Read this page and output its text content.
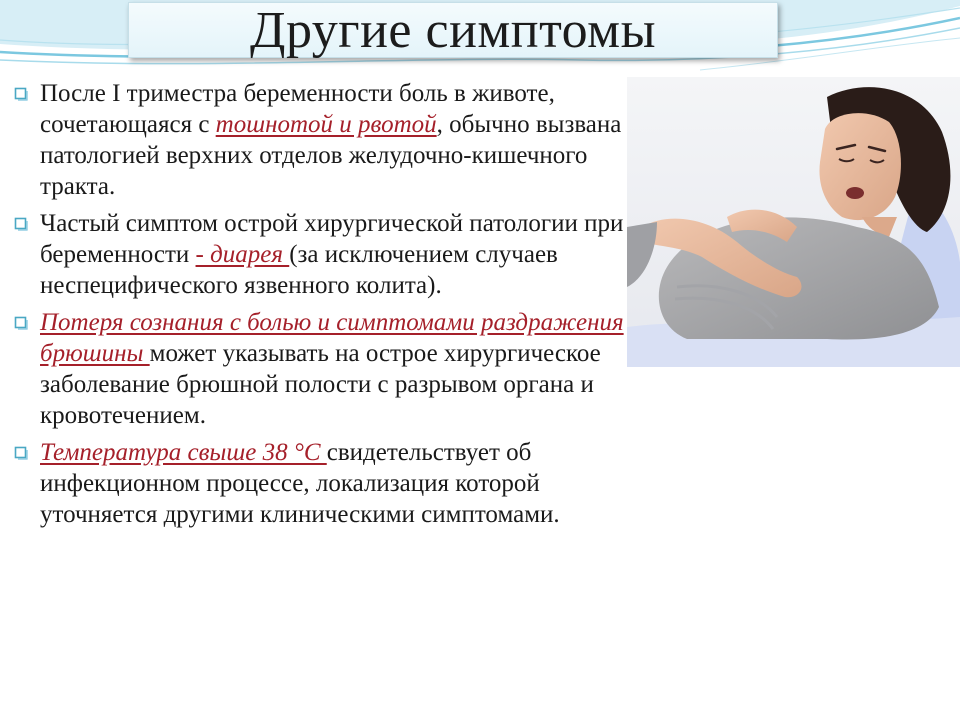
Другие симптомы
После I триместра беременности боль в животе, сочетающаяся с тошнотой и рвотой, обычно вызвана патологией верхних отделов желудочно-кишечного тракта.
Частый симптом острой хирургической патологии при беременности - диарея (за исключением случаев неспецифического язвенного колита).
Потеря сознания с болью и симптомами раздражения брюшины может указывать на острое хирургическое заболевание брюшной полости с разрывом органа и кровотечением.
Температура свыше 38 °С свидетельствует об инфекционном процессе, локализация которой уточняется другими клиническими симптомами.
